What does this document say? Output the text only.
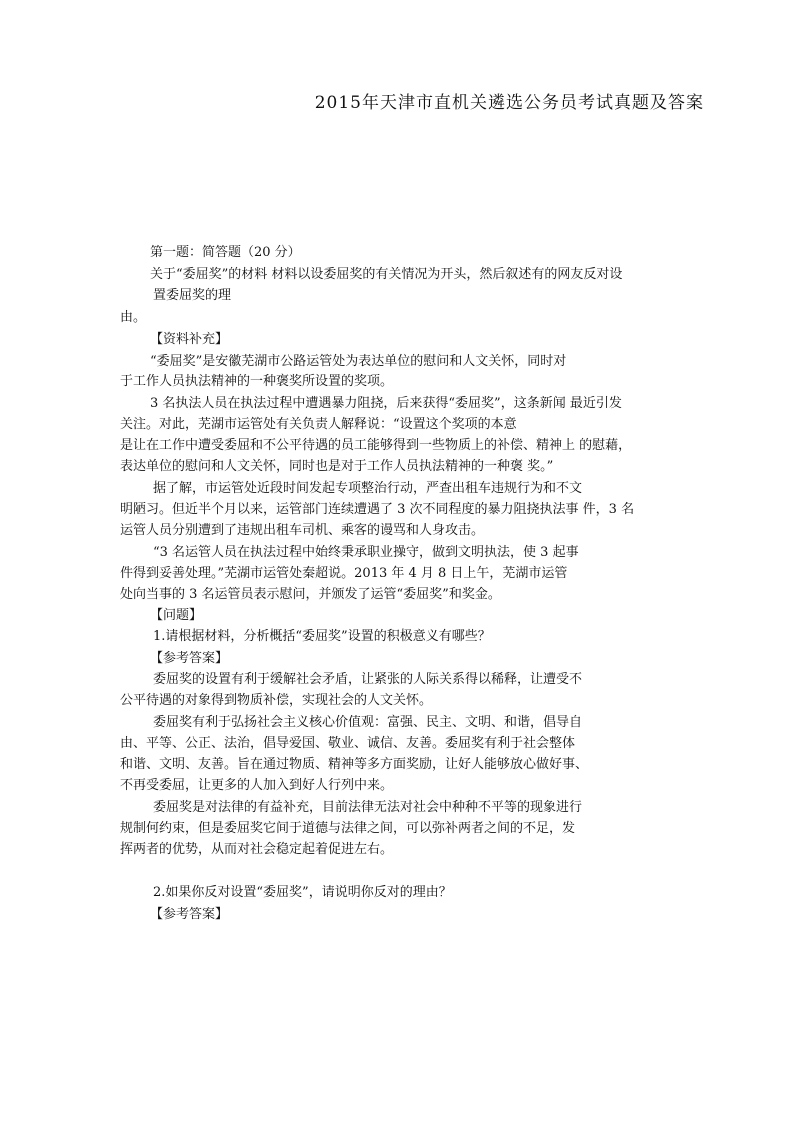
2015年天津市直机关遴选公务员考试真题及答案
第一题：简答题（20 分）
关于“委屈奖”的材料 材料以设委屈奖的有关情况为开头，然后叙述有的网友反对设
置委屈奖的理
由。
【资料补充】
“委屈奖”是安徽芜湖市公路运管处为表达单位的慰问和人文关怀，同时对
于工作人员执法精神的一种褒奖所设置的奖项。
3 名执法人员在执法过程中遭遇暴力阻挠，后来获得“委屈奖”，这条新闻 最近引发
关注。对此，芜湖市运管处有关负责人解释说：“设置这个奖项的本意
是让在工作中遭受委屈和不公平待遇的员工能够得到一些物质上的补偿、精神上 的慰藉，
表达单位的慰问和人文关怀，同时也是对于工作人员执法精神的一种褒 奖。”
据了解，市运管处近段时间发起专项整治行动，严查出租车违规行为和不文
明陋习。但近半个月以来，运管部门连续遭遇了 3 次不同程度的暴力阻挠执法事 件，3 名
运管人员分别遭到了违规出租车司机、乘客的谩骂和人身攻击。
“3 名运管人员在执法过程中始终秉承职业操守，做到文明执法，使 3 起事
件得到妥善处理。”芜湖市运管处秦超说。2013 年 4 月 8 日上午，芜湖市运管
处向当事的 3 名运管员表示慰问，并颁发了运管“委屈奖”和奖金。
【问题】
1.请根据材料，分析概括“委屈奖”设置的积极意义有哪些？
【参考答案】
委屈奖的设置有利于缓解社会矛盾，让紧张的人际关系得以稀释，让遭受不
公平待遇的对象得到物质补偿，实现社会的人文关怀。
委屈奖有利于弘扬社会主义核心价值观：富强、民主、文明、和谐，倡导自
由、平等、公正、法治，倡导爱国、敬业、诚信、友善。委屈奖有利于社会整体
和谐、文明、友善。旨在通过物质、精神等多方面奖励，让好人能够放心做好事、
不再受委屈，让更多的人加入到好人行列中来。
委屈奖是对法律的有益补充，目前法律无法对社会中种种不平等的现象进行
规制何约束，但是委屈奖它间于道德与法律之间，可以弥补两者之间的不足，发
挥两者的优势，从而对社会稳定起着促进左右。
2.如果你反对设置“委屈奖”，请说明你反对的理由？
【参考答案】
